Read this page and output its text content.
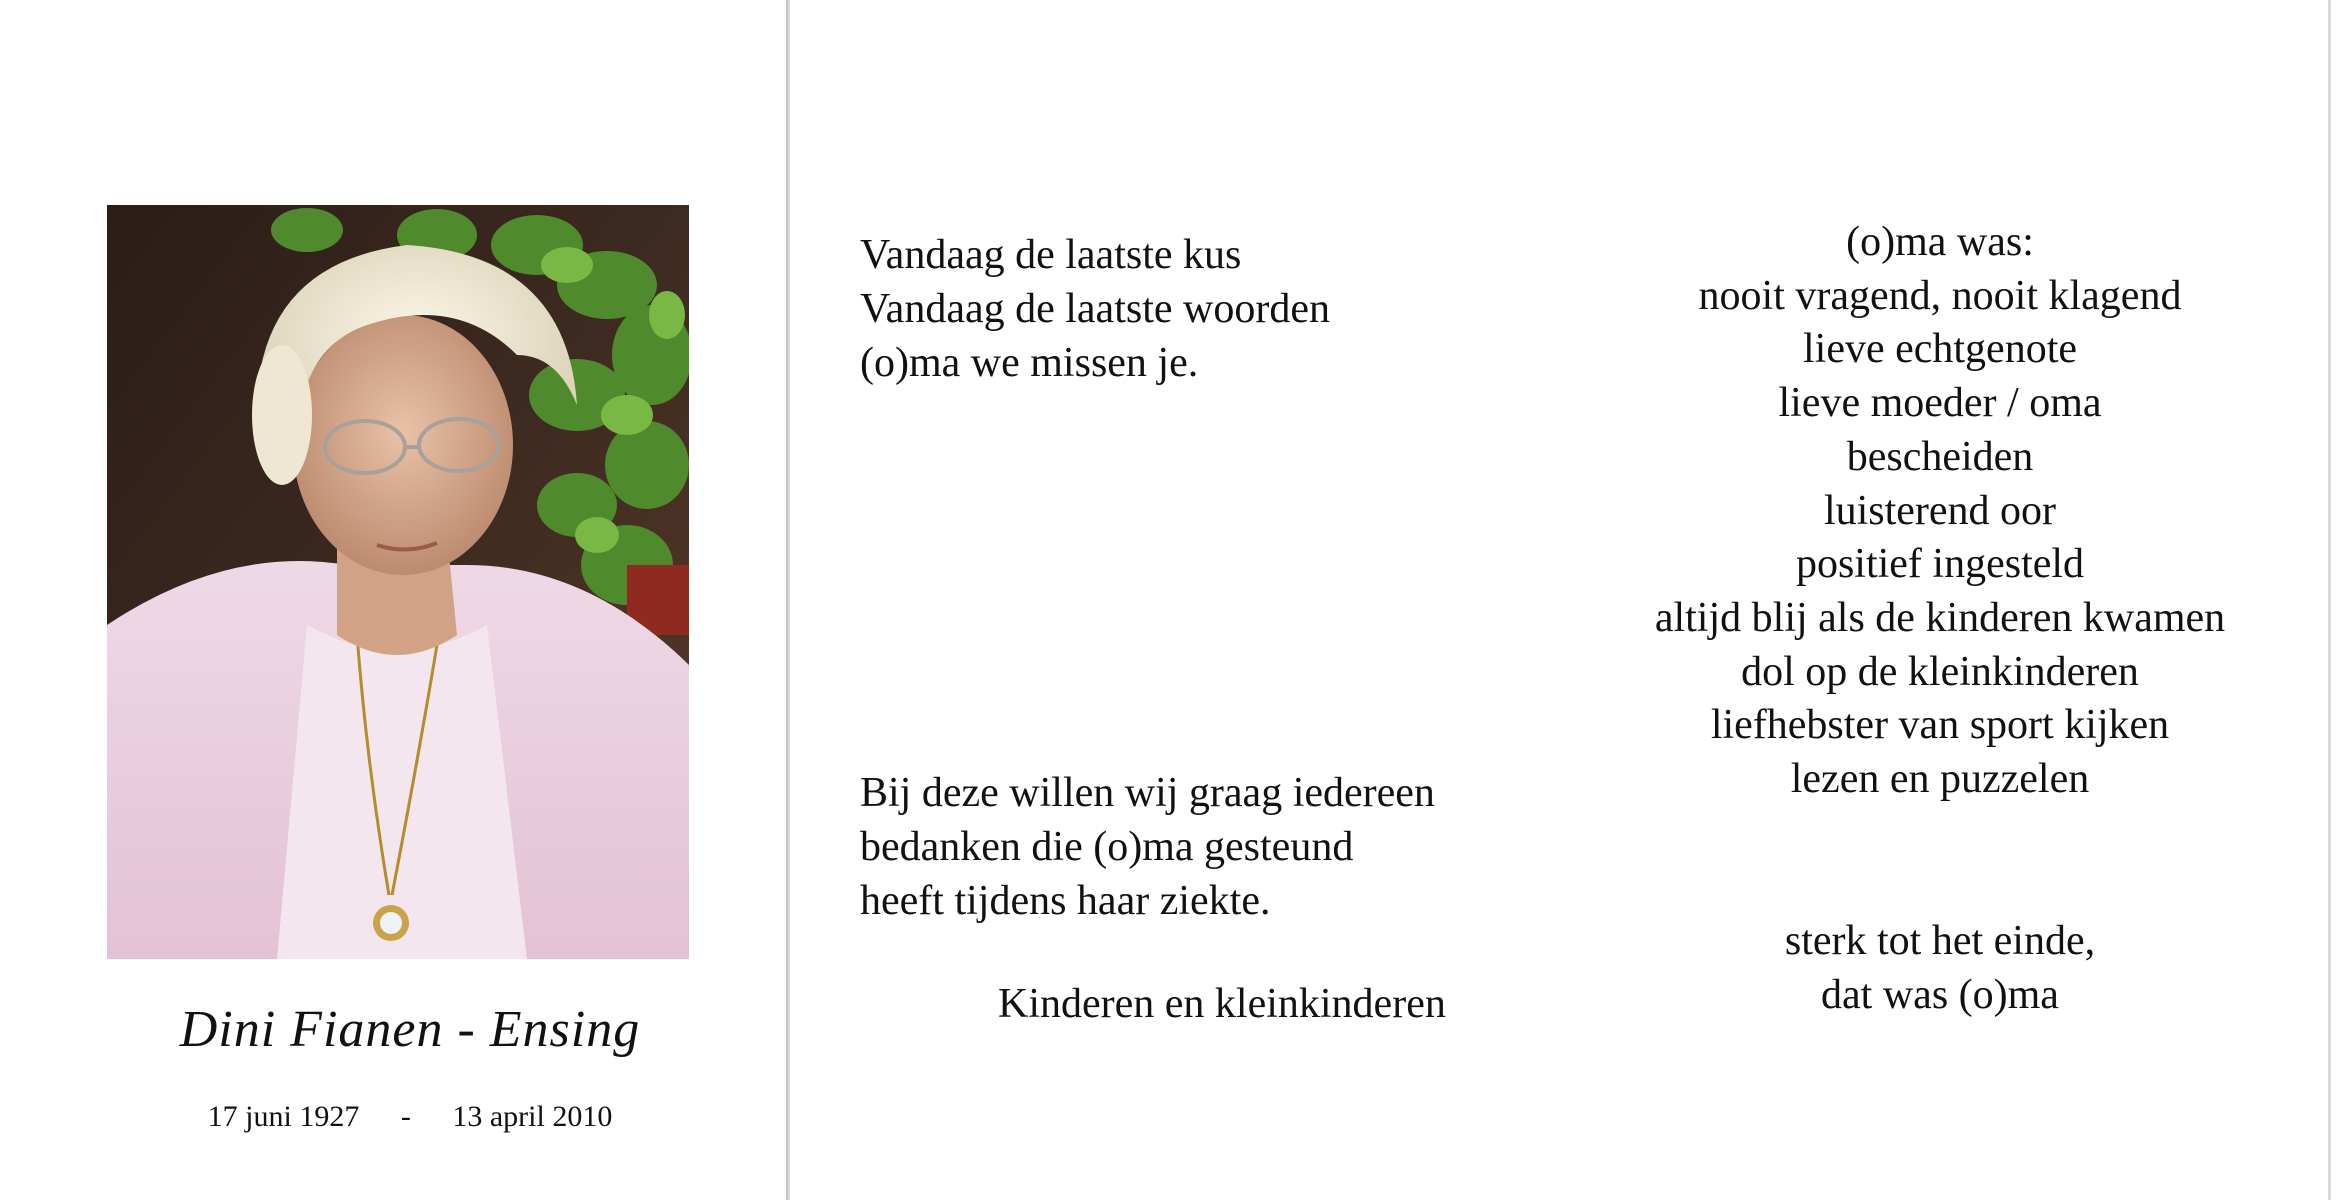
Dini Fianen - Ensing
17 juni 1927 - 13 april 2010
Vandaag de laatste kus
Vandaag de laatste woorden
(o)ma we missen je.
Bij deze willen wij graag iedereen
bedanken die (o)ma gesteund
heeft tijdens haar ziekte.
Kinderen en kleinkinderen
(o)ma was:
nooit vragend, nooit klagend
lieve echtgenote
lieve moeder / oma
bescheiden
luisterend oor
positief ingesteld
altijd blij als de kinderen kwamen
dol op de kleinkinderen
liefhebster van sport kijken
lezen en puzzelen
sterk tot het einde,
dat was (o)ma
